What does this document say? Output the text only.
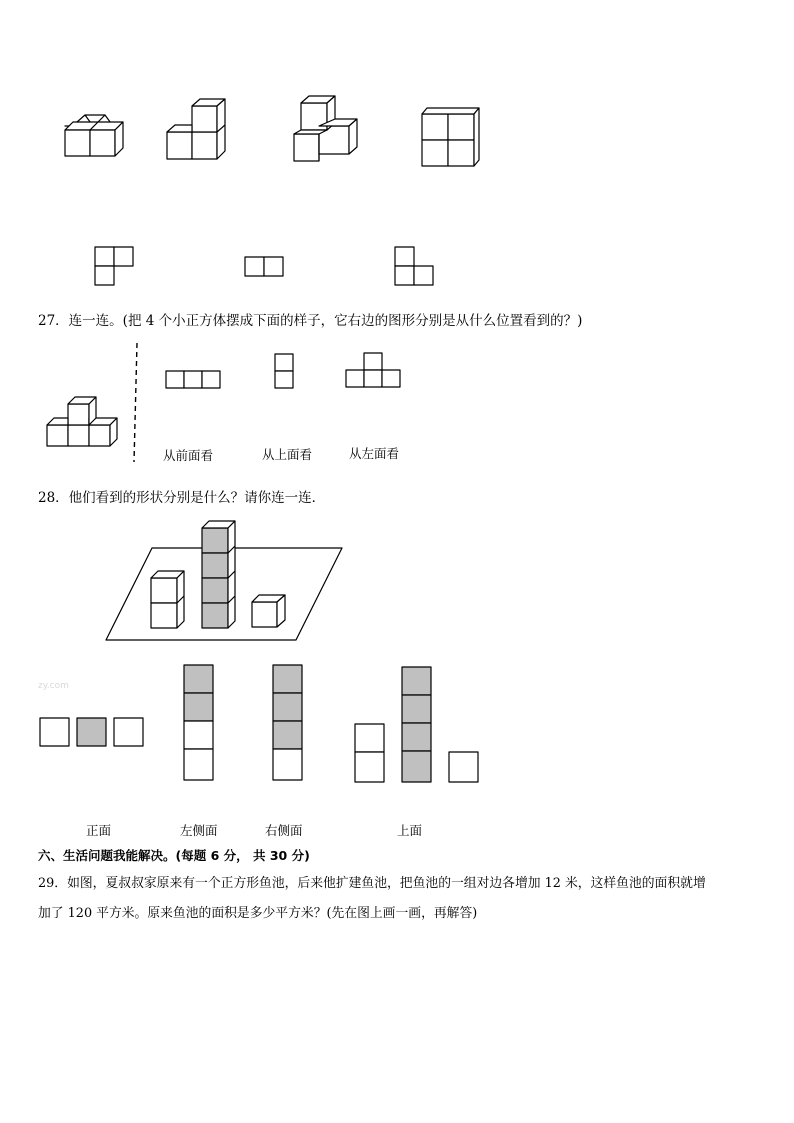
27．连一连。(把 4 个小正方体摆成下面的样子，它右边的图形分别是从什么位置看到的？)
从前面看	从上面看	从左面看
28．他们看到的形状分别是什么？请你连一连．
zy.com
正面	左侧面	右侧面	上面
六、生活问题我能解决。(每题 6 分， 共 30 分)
29．如图，夏叔叔家原来有一个正方形鱼池，后来他扩建鱼池，把鱼池的一组对边各增加 12 米，这样鱼池的面积就增
加了 120 平方米。原来鱼池的面积是多少平方米？(先在图上画一画，再解答)
